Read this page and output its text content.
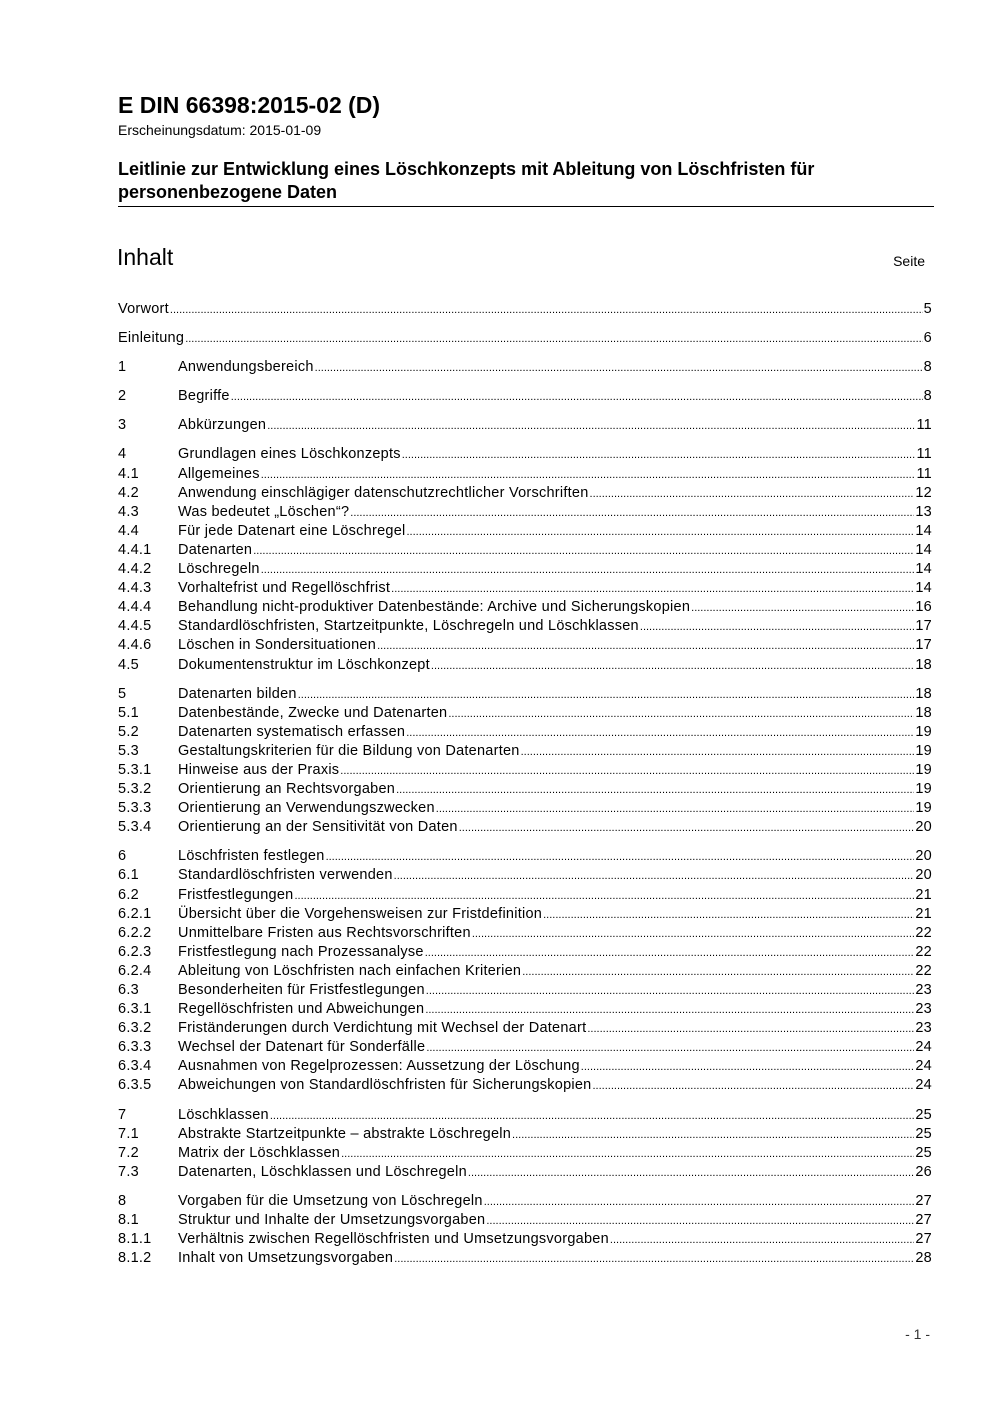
E DIN 66398:2015-02 (D)
Erscheinungsdatum: 2015-01-09
Leitlinie zur Entwicklung eines Löschkonzepts mit Ableitung von Löschfristen für personenbezogene Daten
Inhalt	Seite
Vorwort .....	5
Einleitung .....	6
1	Anwendungsbereich .....	8
2	Begriffe .....	8
3	Abkürzungen .....	11
4	Grundlagen eines Löschkonzepts .....	11
4.1	Allgemeines .....	11
4.2	Anwendung einschlägiger datenschutzrechtlicher Vorschriften .....	12
4.3	Was bedeutet „Löschen“? .....	13
4.4	Für jede Datenart eine Löschregel .....	14
4.4.1	Datenarten .....	14
4.4.2	Löschregeln .....	14
4.4.3	Vorhaltefrist und Regellöschfrist .....	14
4.4.4	Behandlung nicht-produktiver Datenbestände: Archive und Sicherungskopien .....	16
4.4.5	Standardlöschfristen, Startzeitpunkte, Löschregeln und Löschklassen .....	17
4.4.6	Löschen in Sondersituationen .....	17
4.5	Dokumentenstruktur im Löschkonzept .....	18
5	Datenarten bilden .....	18
5.1	Datenbestände, Zwecke und Datenarten .....	18
5.2	Datenarten systematisch erfassen .....	19
5.3	Gestaltungskriterien für die Bildung von Datenarten .....	19
5.3.1	Hinweise aus der Praxis .....	19
5.3.2	Orientierung an Rechtsvorgaben .....	19
5.3.3	Orientierung an Verwendungszwecken .....	19
5.3.4	Orientierung an der Sensitivität von Daten .....	20
6	Löschfristen festlegen .....	20
6.1	Standardlöschfristen verwenden .....	20
6.2	Fristfestlegungen .....	21
6.2.1	Übersicht über die Vorgehensweisen zur Fristdefinition .....	21
6.2.2	Unmittelbare Fristen aus Rechtsvorschriften .....	22
6.2.3	Fristfestlegung nach Prozessanalyse .....	22
6.2.4	Ableitung von Löschfristen nach einfachen Kriterien .....	22
6.3	Besonderheiten für Fristfestlegungen .....	23
6.3.1	Regellöschfristen und Abweichungen .....	23
6.3.2	Friständerungen durch Verdichtung mit Wechsel der Datenart .....	23
6.3.3	Wechsel der Datenart für Sonderfälle .....	24
6.3.4	Ausnahmen von Regelprozessen: Aussetzung der Löschung .....	24
6.3.5	Abweichungen von Standardlöschfristen für Sicherungskopien .....	24
7	Löschklassen .....	25
7.1	Abstrakte Startzeitpunkte – abstrakte Löschregeln .....	25
7.2	Matrix der Löschklassen .....	25
7.3	Datenarten, Löschklassen und Löschregeln .....	26
8	Vorgaben für die Umsetzung von Löschregeln .....	27
8.1	Struktur und Inhalte der Umsetzungsvorgaben .....	27
8.1.1	Verhältnis zwischen Regellöschfristen und Umsetzungsvorgaben .....	27
8.1.2	Inhalt von Umsetzungsvorgaben .....	28
- 1 -
